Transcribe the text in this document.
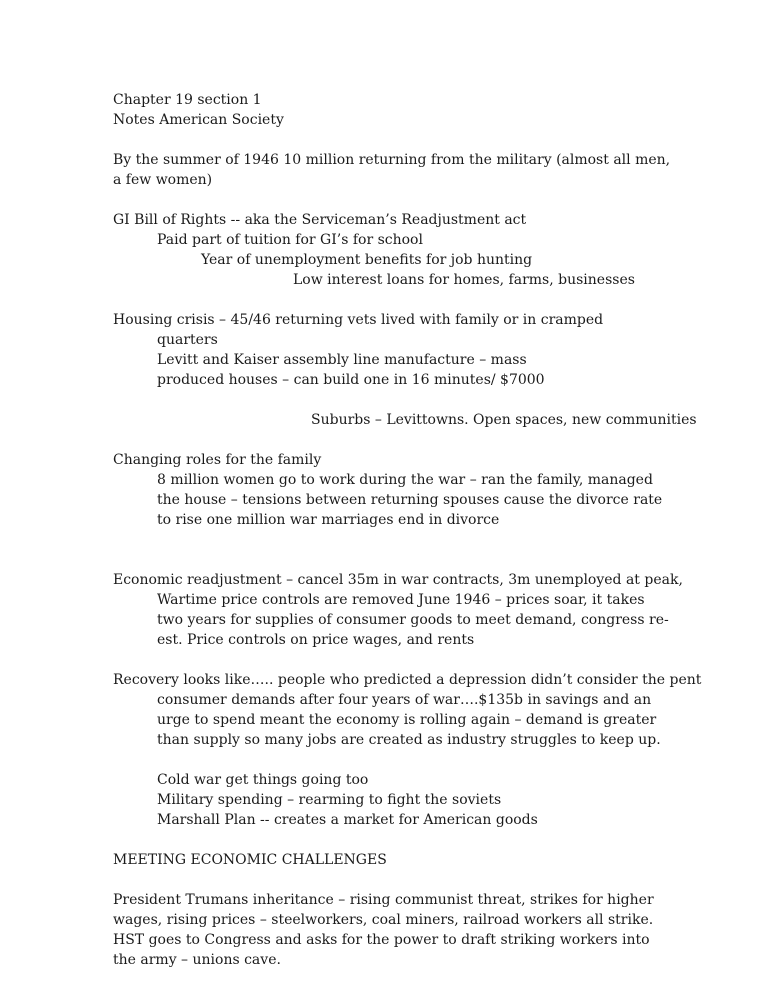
Chapter 19 section 1
Notes American Society
By the summer of 1946 10 million returning from the military (almost all men, a few women)
GI Bill of Rights -- aka the Serviceman’s Readjustment act
Paid part of tuition for GI’s for school
Year of unemployment benefits for job hunting
Low interest loans for homes, farms, businesses
Housing crisis – 45/46 returning vets lived with family or in cramped
quarters
Levitt and Kaiser assembly line manufacture – mass
produced houses – can build one in 16 minutes/ $7000
Suburbs – Levittowns. Open spaces, new communities
Changing roles for the family
8 million women go to work during the war – ran the family, managed the house – tensions between returning spouses cause the divorce rate to rise one million war marriages end in divorce
Economic readjustment – cancel 35m in war contracts, 3m unemployed at peak,
Wartime price controls are removed June 1946 – prices soar, it takes two years for supplies of consumer goods to meet demand, congress re-est. Price controls on price wages, and rents
Recovery looks like….. people who predicted a depression didn’t consider the pent
consumer demands after four years of war….$135b in savings and an urge to spend meant the economy is rolling again – demand is greater than supply so many jobs are created as industry struggles to keep up.
Cold war get things going too
Military spending – rearming to fight the soviets
Marshall Plan -- creates a market for American goods
MEETING ECONOMIC CHALLENGES
President Trumans inheritance – rising communist threat, strikes for higher wages, rising prices – steelworkers, coal miners, railroad workers all strike. HST goes to Congress and asks for the power to draft striking workers into the army – unions cave.
